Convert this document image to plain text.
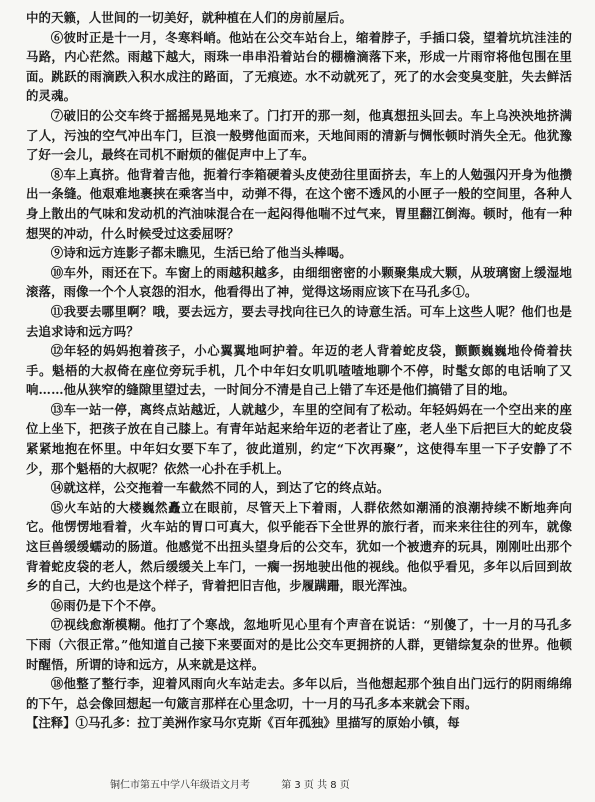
中的天籁，人世间的一切美好，就种植在人们的房前屋后。

⑥彼时正是十一月，冬寒料峭。他站在公交车站台上，缩着脖子，手插口袋，望着坑坑洼洼的马路，内心茫然。雨越下越大，雨珠一串串沿着站台的棚檐滴落下来，形成一片雨帘将他包围在里面。跳跃的雨滴跌入积水成注的路面，了无痕迹。水不动就死了，死了的水会变臭变脏，失去鲜活的灵魂。

⑦破旧的公交车终于摇摇晃晃地来了。门打开的那一刻，他真想扭头回去。车上乌泱泱地挤满了人，污浊的空气冲出车门，巨浪一般劈他面而来，天地间雨的清新与惆怅顿时消失全无。他犹豫了好一会儿，最终在司机不耐烦的催促声中上了车。

⑧车上真挤。他背着吉他，扼着行李箱硬着头皮使劲往里面挤去，车上的人勉强闪开身为他攒出一条缝。他艰难地裹挟在乘客当中，动弹不得，在这个密不透风的小匣子一般的空间里，各种人身上散出的气味和发动机的汽油味混合在一起闷得他喘不过气来，胃里翻江倒海。顿时，他有一种想哭的冲动，什么时候受过这委屈呀？

⑨诗和远方连影子都未瞧见，生活已给了他当头棒喝。

⑩车外，雨还在下。车窗上的雨越积越多，由细细密密的小颗聚集成大颗，从玻璃窗上缓湿地滚落，雨像一个个人哀怨的泪水，他看得出了神，觉得这场雨应该下在马孔多①。

⑪我要去哪里啊？哦，要去远方，要去寻找向往已久的诗意生活。可车上这些人呢？他们也是去追求诗和远方吗？

⑫年轻的妈妈抱着孩子，小心翼翼地呵护着。年迈的老人背着蛇皮袋，颤颤巍巍地伶倚着扶手。魁梧的大叔倚在座位旁玩手机，几个中年妇女叽叽喳喳地聊个不停，时髦女郎的电话响了又响……他从狭窄的缝隙里望过去，一时间分不清是自己上错了车还是他们搞错了目的地。

⑬车一站一停，离终点站越近，人就越少，车里的空间有了松动。年轻妈妈在一个空出来的座位上坐下，把孩子放在自己膝上。有青年站起来给年迈的老者让了座，老人坐下后把巨大的蛇皮袋紧紧地抱在怀里。中年妇女要下车了，彼此道别，约定“下次再聚”，这使得车里一下子安静了不少，那个魁梧的大叔呢？依然一心扑在手机上。

⑭就这样，公交拖着一车截然不同的人，到达了它的终点站。

⑮火车站的大楼巍然矗立在眼前，尽管天上下着雨，人群依然如潮涌的浪潮持续不断地奔向它。他愣愣地看着，火车站的胃口可真大，似乎能吞下全世界的旅行者，而来来往往的列车，就像这巨兽缓缓蠕动的肠道。他感觉不出扭头望身后的公交车，犹如一个被遗弃的玩具，刚刚吐出那个背着蛇皮袋的老人，然后缓缓关上车门，一瘸一拐地驶出他的视线。他似乎看见，多年以后回到故乡的自己，大约也是这个样子，背着把旧吉他，步履蹒跚，眼光浑浊。

⑯雨仍是下个不停。

⑰视线愈渐模糊。他打了个寒战，忽地听见心里有个声音在说话：“别傻了，十一月的马孔多下雨（六很正常。”他知道自己接下来要面对的是比公交车更拥挤的人群，更错综复杂的世界。他顿时醒悟，所谓的诗和远方，从来就是这样。

⑱他整了整行李，迎着风雨向火车站走去。多年以后，当他想起那个独自出门远行的阴雨绵绵的下午，总会像回想起一句箴言那样在心里念叨，十一月的马孔多本来就会下雨。

【注释】①马孔多：拉丁美洲作家马尔克斯《百年孤独》里描写的原始小镇，每

铜仁市第五中学八年级语文月考	第 3 页 共 8 页
